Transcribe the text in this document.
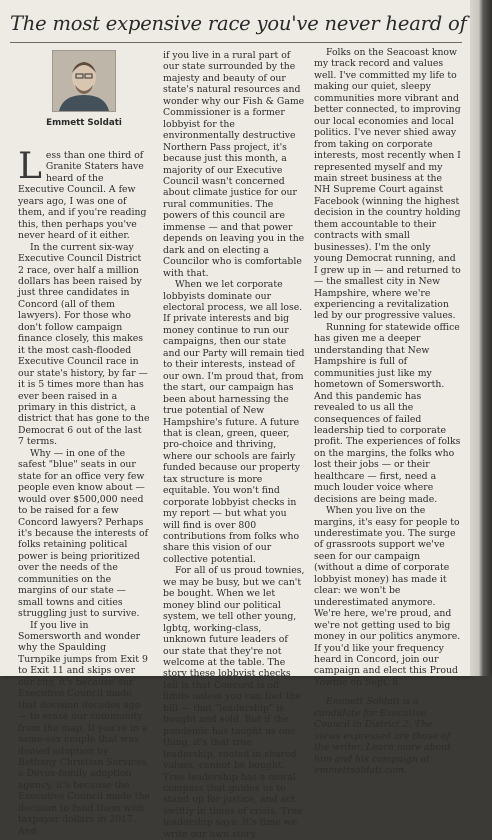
The most expensive race you've never heard of
Emmett Soldati

Less than one third of Granite Staters have heard of the Executive Council. A few years ago, I was one of them, and if you're reading this, then perhaps you've never heard of it either.

In the current six-way Executive Council District 2 race, over half a million dollars has been raised by just three candidates in Concord (all of them lawyers). For those who don't follow campaign finance closely, this makes it the most cash-flooded Executive Council race in our state's history, by far — it is 5 times more than has ever been raised in a primary in this district, a district that has gone to the Democrat 6 out of the last 7 terms.

Why — in one of the safest "blue" seats in our state for an office very few people even know about — would over $500,000 need to be raised for a few Concord lawyers? Perhaps it's because the interests of folks retaining political power is being prioritized over the needs of the communities on the margins of our state — small towns and cities struggling just to survive.

If you live in Somersworth and wonder why the Spaulding Turnpike jumps from Exit 9 to Exit 11 and skips over our city, it's because our Executive Council made that decision decades ago — to erase our community from the map. If you're in a same-sex couple that was denied adoption by Bethany Christian Services, a Devos-family adoption agency, it's because the Executive Council made the decision to fund them with taxpayer dollars in 2017. And

if you live in a rural part of our state surrounded by the majesty and beauty of our state's natural resources and wonder why our Fish & Game Commissioner is a former lobbyist for the environmentally destructive Northern Pass project, it's because just this month, a majority of our Executive Council wasn't concerned about climate justice for our rural communities. The powers of this council are immense — and that power depends on leaving you in the dark and on electing a Councilor who is comfortable with that.

When we let corporate lobbyists dominate our electoral process, we all lose. If private interests and big money continue to run our campaigns, then our state and our Party will remain tied to their interests, instead of our own. I'm proud that, from the start, our campaign has been about harnessing the true potential of New Hampshire's future. A future that is clean, green, queer, pro-choice and thriving, where our schools are fairly funded because our property tax structure is more equitable. You won't find corporate lobbyist checks in my report — but what you will find is over 800 contributions from folks who share this vision of our collective potential.

For all of us proud townies, we may be busy, but we can't be bought. When we let money blind our political system, we tell other young, lgbtq, working-class, unknown future leaders of our state that they're not welcome at the table. The story these lobbyist checks tell is that Concord is off limits unless you can foot the bill — that "leadership" is bought and sold. But if the pandemic has taught us one thing, it's that true leadership, rooted in shared values, cannot be bought. True leadership has a moral compass that guides us to stand up for justice, and act swiftly in times of crisis. True leadership says: It's time we write our own story.

Folks on the Seacoast know my track record and values well. I've committed my life to making our quiet, sleepy communities more vibrant and better connected, to improving our local economies and local politics. I've never shied away from taking on corporate interests, most recently when I represented myself and my main street business at the NH Supreme Court against Facebook (winning the highest decision in the country holding them accountable to their contracts with small businesses). I'm the only young Democrat running, and I grew up in — and returned to — the smallest city in New Hampshire, where we're experiencing a revitalization led by our progressive values.

Running for statewide office has given me a deeper understanding that New Hampshire is full of communities just like my hometown of Somersworth. And this pandemic has revealed to us all the consequences of failed leadership tied to corporate profit. The experiences of folks on the margins, the folks who lost their jobs — or their healthcare — first, need a much louder voice where decisions are being made.

When you live on the margins, it's easy for people to underestimate you. The surge of grassroots support we've seen for our campaign (without a dime of corporate lobbyist money) has made it clear: we won't be underestimated anymore. We're here, we're proud, and we're not getting used to big money in our politics anymore. If you'd like your frequency heard in Concord, join our campaign and elect this Proud Townie on Sept. 8.

Emmett Soldati is a candidate for Executive Council in District 2. The views expressed are those of the writer. Learn more about him and his campaign at emmettsoldati.com.
